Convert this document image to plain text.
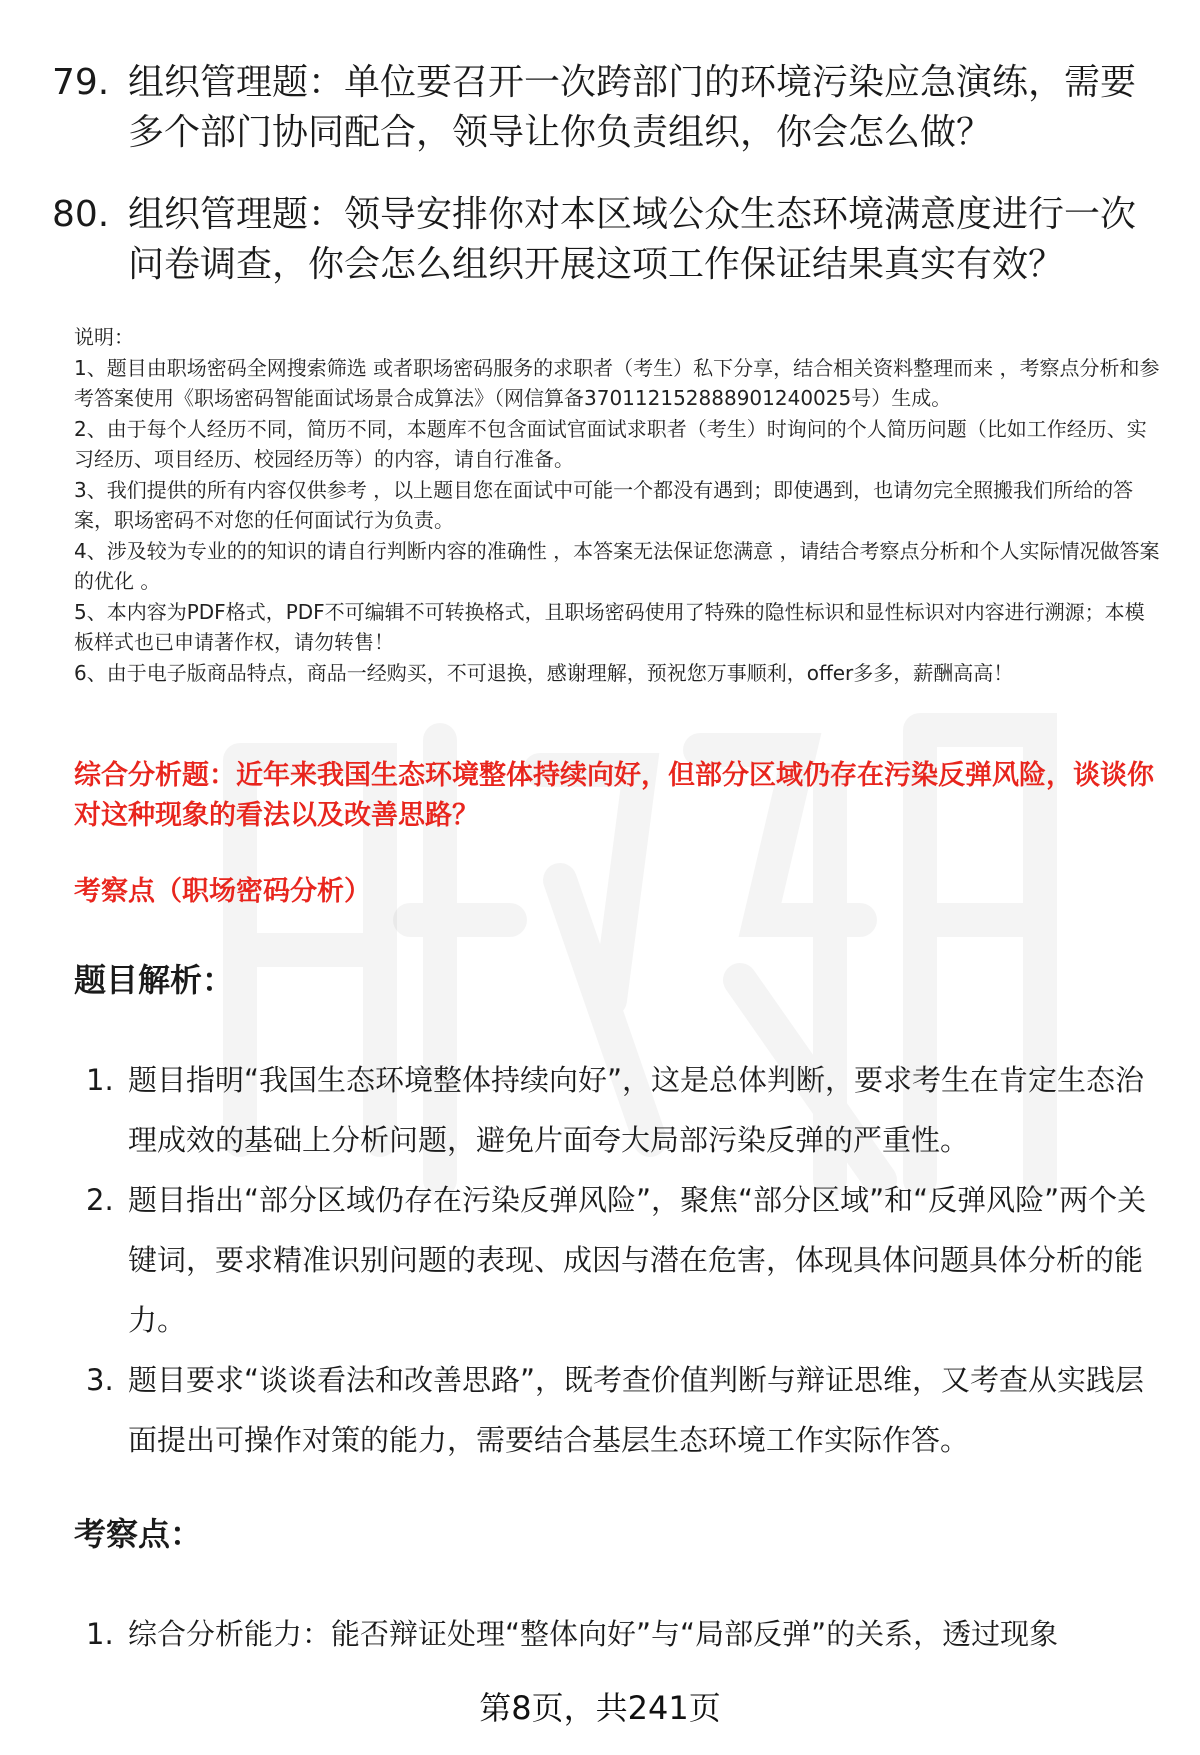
79. 组织管理题：单位要召开一次跨部门的环境污染应急演练，需要多个部门协同配合，领导让你负责组织，你会怎么做？
80. 组织管理题：领导安排你对本区域公众生态环境满意度进行一次问卷调查，你会怎么组织开展这项工作保证结果真实有效？

说明：

1、题目由职场密码全网搜索筛选 或者职场密码服务的求职者（考生）私下分享，结合相关资料整理而来 ，考察点分析和参考答案使用《职场密码智能面试场景合成算法》（网信算备370112152888901240025号）生成。

2、由于每个人经历不同，简历不同，本题库不包含面试官面试求职者（考生）时询问的个人简历问题（比如工作经历、实习经历、项目经历、校园经历等）的内容，请自行准备。

3、我们提供的所有内容仅供参考 ，以上题目您在面试中可能一个都没有遇到；即使遇到，也请勿完全照搬我们所给的答案，职场密码不对您的任何面试行为负责。

4、涉及较为专业的的知识的请自行判断内容的准确性 ，本答案无法保证您满意 ，请结合考察点分析和个人实际情况做答案的优化 。

5、本内容为PDF格式，PDF不可编辑不可转换格式，且职场密码使用了特殊的隐性标识和显性标识对内容进行溯源；本模板样式也已申请著作权，请勿转售！

6、由于电子版商品特点，商品一经购买，不可退换，感谢理解，预祝您万事顺利，offer多多，薪酬高高！

综合分析题：近年来我国生态环境整体持续向好，但部分区域仍存在污染反弹风险，谈谈你对这种现象的看法以及改善思路？
考察点（职场密码分析）
题目解析：
1. 题目指明“我国生态环境整体持续向好”，这是总体判断，要求考生在肯定生态治理成效的基础上分析问题，避免片面夸大局部污染反弹的严重性。
2. 题目指出“部分区域仍存在污染反弹风险”，聚焦“部分区域”和“反弹风险”两个关键词，要求精准识别问题的表现、成因与潜在危害，体现具体问题具体分析的能力。
3. 题目要求“谈谈看法和改善思路”，既考查价值判断与辩证思维，又考查从实践层面提出可操作对策的能力，需要结合基层生态环境工作实际作答。
考察点：
1. 综合分析能力：能否辩证处理“整体向好”与“局部反弹”的关系，透过现象
第8页，共241页
